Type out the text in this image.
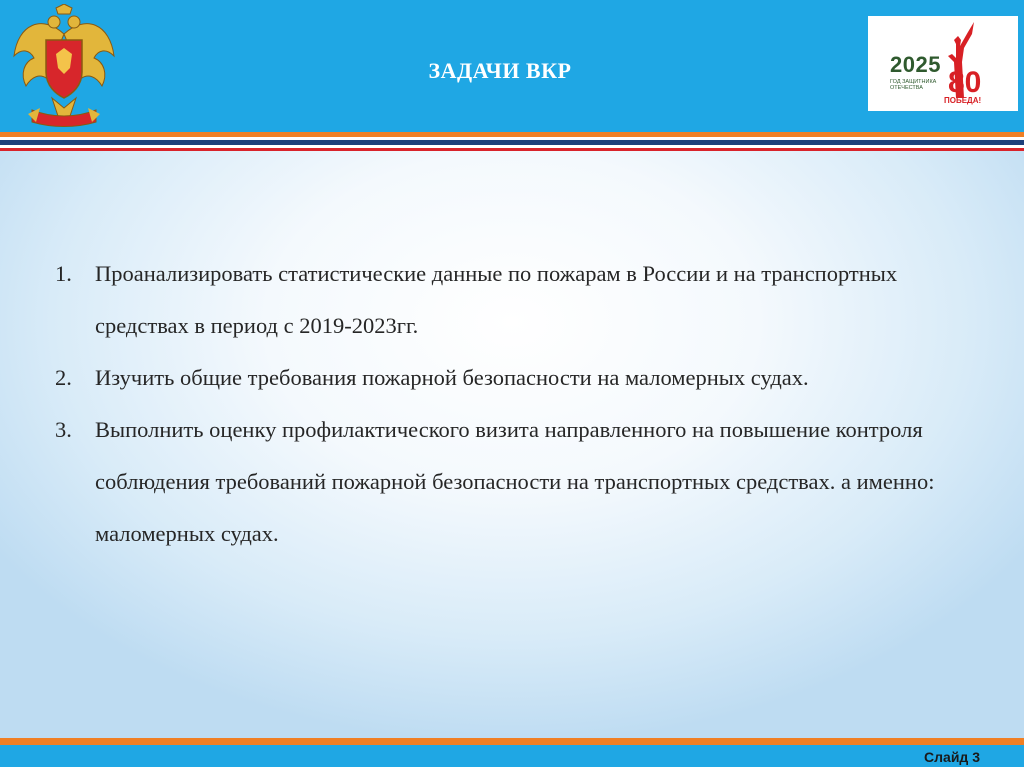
ЗАДАЧИ ВКР	2025
ГОД ЗАЩИТНИКА ОТЕЧЕСТВА 80
ПОБЕДА!
1. Проанализировать статистические данные по пожарам в России и на транспортных средствах в период с 2019-2023гг.
2. Изучить общие требования пожарной безопасности на маломерных судах.
3. Выполнить оценку профилактического визита направленного на повышение контроля соблюдения требований пожарной безопасности на транспортных средствах. а именно: маломерных судах.
Слайд 3
